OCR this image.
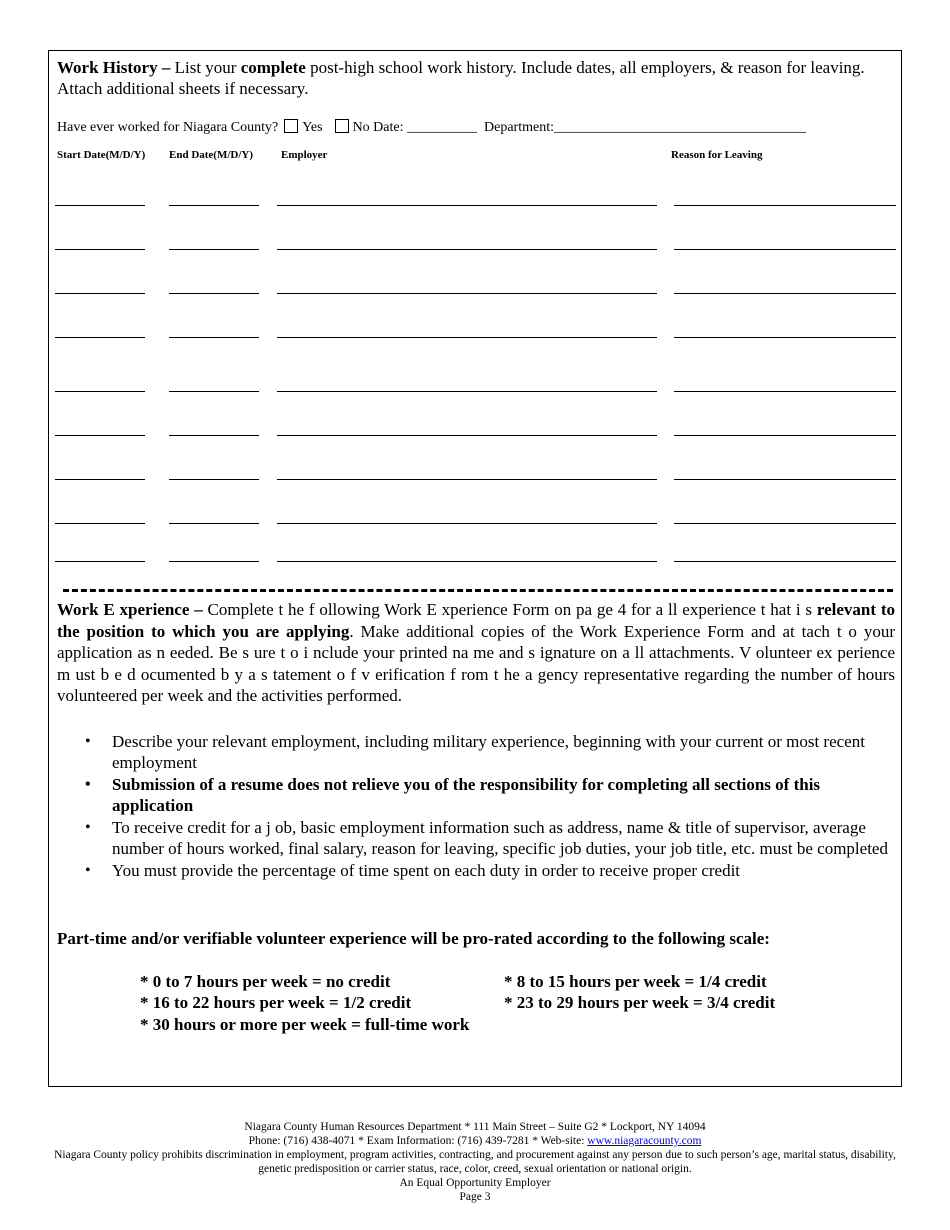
Work History – List your complete post-high school work history. Include dates, all employers, & reason for leaving. Attach additional sheets if necessary.
Have ever worked for Niagara County? Yes No Date: __________ Department:____________________________________
Start Date(M/D/Y) End Date(M/D/Y)	Employer	Reason for Leaving
Work E xperience – Complete t he f ollowing Work E xperience Form on pa ge 4 for a ll experience t hat i s relevant to the position to which you are applying. Make additional copies of the Work Experience Form and at tach t o your application as n eeded. Be s ure t o i nclude your printed na me and s ignature on a ll attachments. V olunteer ex perience m ust b e d ocumented b y a s tatement o f v erification f rom t he a gency representative regarding the number of hours volunteered per week and the activities performed.
• Describe your relevant employment, including military experience, beginning with your current or most recent employment
• Submission of a resume does not relieve you of the responsibility for completing all sections of this application
• To receive credit for a j ob, basic employment information such as address, name & title of supervisor, average number of hours worked, final salary, reason for leaving, specific job duties, your job title, etc. must be completed
• You must provide the percentage of time spent on each duty in order to receive proper credit
Part-time and/or verifiable volunteer experience will be pro-rated according to the following scale:
* 0 to 7 hours per week = no credit	* 8 to 15 hours per week = 1/4 credit
* 16 to 22 hours per week = 1/2 credit	* 23 to 29 hours per week = 3/4 credit
* 30 hours or more per week = full-time work
Niagara County Human Resources Department * 111 Main Street – Suite G2 * Lockport, NY 14094
Phone: (716) 438-4071 * Exam Information: (716) 439-7281 * Web-site: www.niagaracounty.com
Niagara County policy prohibits discrimination in employment, program activities, contracting, and procurement against any person due to such person’s age, marital status, disability, genetic predisposition or carrier status, race, color, creed, sexual orientation or national origin.
An Equal Opportunity Employer
Page 3
